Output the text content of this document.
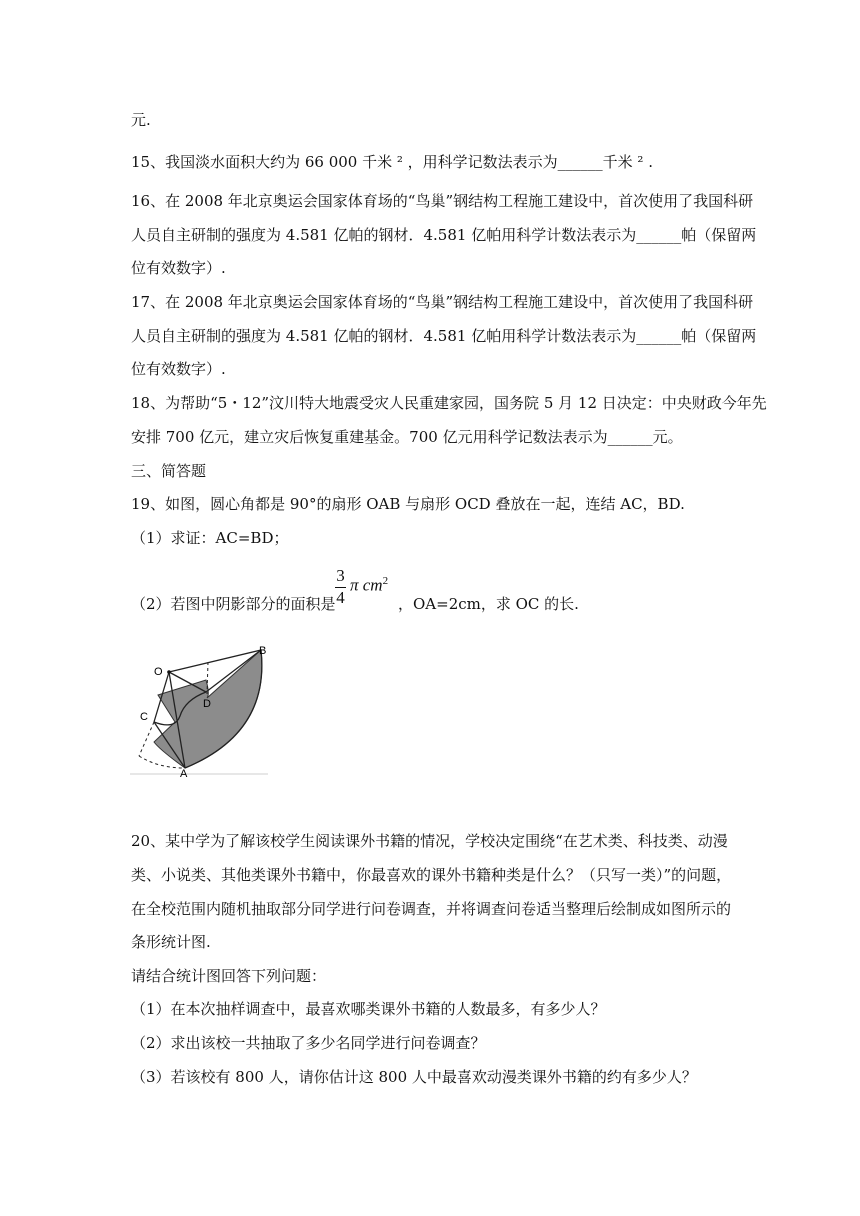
元.
15、我国淡水面积大约为 66 000 千米 ² ，用科学记数法表示为______千米 ² .
16、在 2008 年北京奥运会国家体育场的“鸟巢”钢结构工程施工建设中，首次使用了我国科研
人员自主研制的强度为 4.581 亿帕的钢材．4.581 亿帕用科学计数法表示为______帕（保留两
位有效数字）.
17、在 2008 年北京奥运会国家体育场的“鸟巢”钢结构工程施工建设中，首次使用了我国科研
人员自主研制的强度为 4.581 亿帕的钢材．4.581 亿帕用科学计数法表示为______帕（保留两
位有效数字）.
18、为帮助“5・12”汶川特大地震受灾人民重建家园，国务院 5 月 12 日决定：中央财政今年先
安排 700 亿元，建立灾后恢复重建基金。700 亿元用科学记数法表示为______元。
三、简答题
19、如图，圆心角都是 90°的扇形 OAB 与扇形 OCD 叠放在一起，连结 AC，BD.
（1）求证：AC=BD；
（2）若图中阴影部分的面积是
3
4
π $cm^2$
，OA=2cm，求 OC 的长.
O
B
C
D
A
20、某中学为了解该校学生阅读课外书籍的情况，学校决定围绕“在艺术类、科技类、动漫
类、小说类、其他类课外书籍中，你最喜欢的课外书籍种类是什么？（只写一类）”的问题，
在全校范围内随机抽取部分同学进行问卷调查，并将调查问卷适当整理后绘制成如图所示的
条形统计图.
请结合统计图回答下列问题：
（1）在本次抽样调查中，最喜欢哪类课外书籍的人数最多，有多少人？
（2）求出该校一共抽取了多少名同学进行问卷调查？
（3）若该校有 800 人，请你估计这 800 人中最喜欢动漫类课外书籍的约有多少人？
